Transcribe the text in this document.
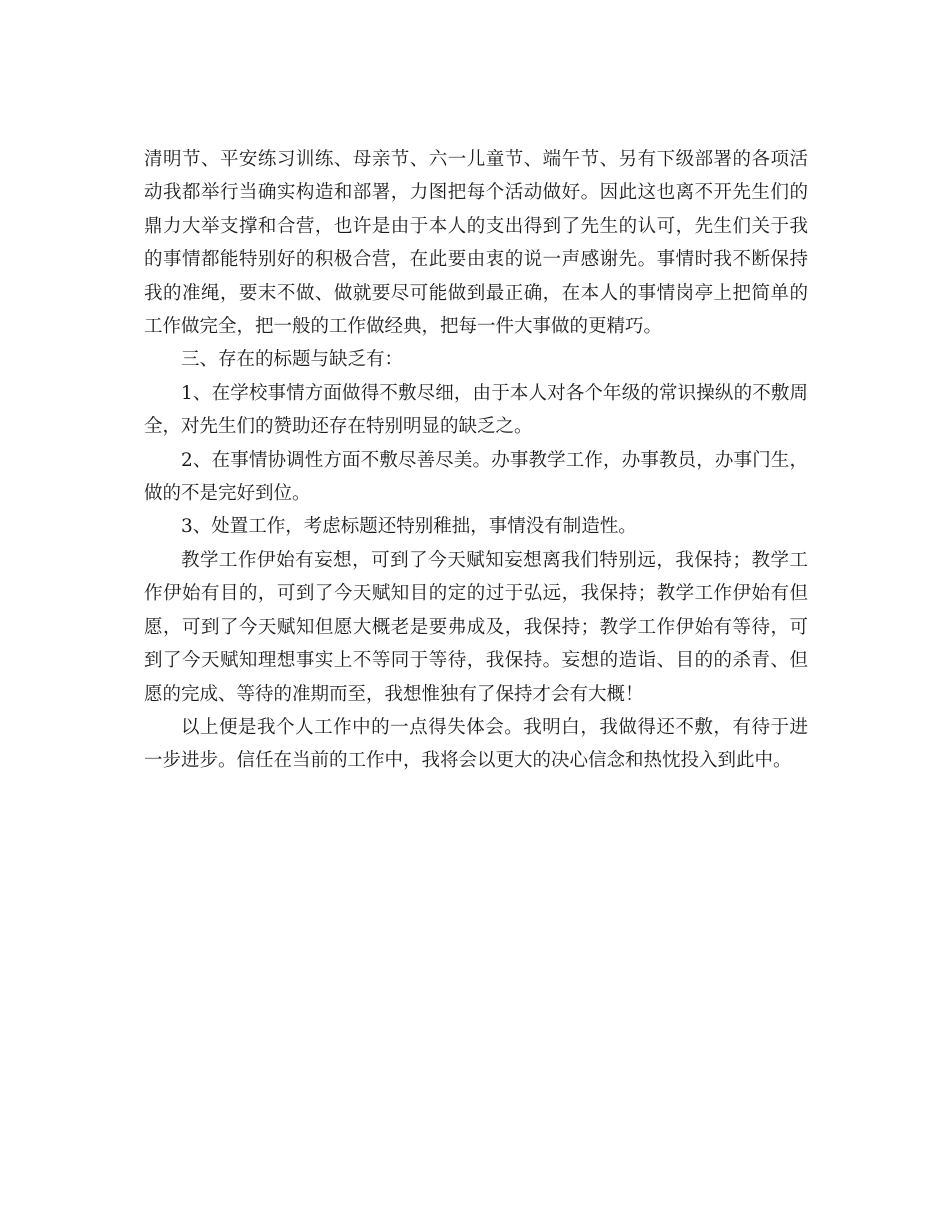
清明节、平安练习训练、母亲节、六一儿童节、端午节、另有下级部署的各项活动我都举行当确实构造和部署，力图把每个活动做好。因此这也离不开先生们的鼎力大举支撑和合营，也许是由于本人的支出得到了先生的认可，先生们关于我的事情都能特别好的积极合营，在此要由衷的说一声感谢先。事情时我不断保持我的准绳，要末不做、做就要尽可能做到最正确，在本人的事情岗亭上把简单的工作做完全，把一般的工作做经典，把每一件大事做的更精巧。

三、存在的标题与缺乏有：

1、在学校事情方面做得不敷尽细，由于本人对各个年级的常识操纵的不敷周全，对先生们的赞助还存在特别明显的缺乏之。

2、在事情协调性方面不敷尽善尽美。办事教学工作，办事教员，办事门生，做的不是完好到位。

3、处置工作，考虑标题还特别稚拙，事情没有制造性。

教学工作伊始有妄想，可到了今天赋知妄想离我们特别远，我保持；教学工作伊始有目的，可到了今天赋知目的定的过于弘远，我保持；教学工作伊始有但愿，可到了今天赋知但愿大概老是要弗成及，我保持；教学工作伊始有等待，可到了今天赋知理想事实上不等同于等待，我保持。妄想的造诣、目的的杀青、但愿的完成、等待的准期而至，我想惟独有了保持才会有大概！

以上便是我个人工作中的一点得失体会。我明白，我做得还不敷，有待于进一步进步。信任在当前的工作中，我将会以更大的决心信念和热忱投入到此中。
